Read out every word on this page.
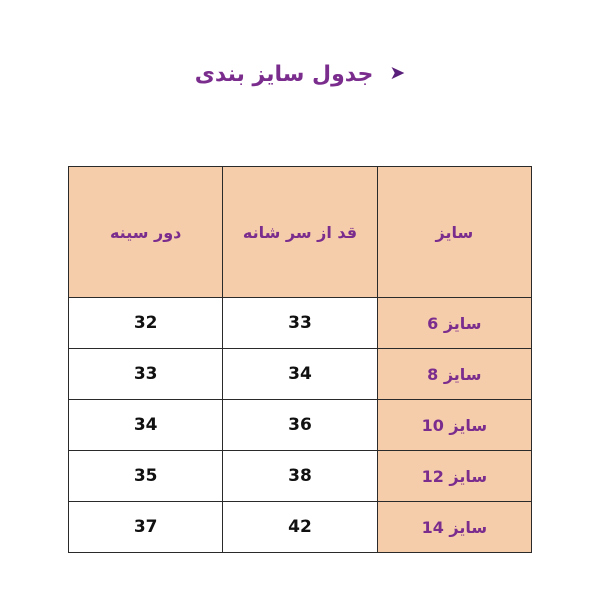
جدول سایز بندی ➤
سایز	قد از سر شانه	دور سینه
سایز 6	33	32
سایز 8	34	33
سایز 10	36	34
سایز 12	38	35
سایز 14	42	37
